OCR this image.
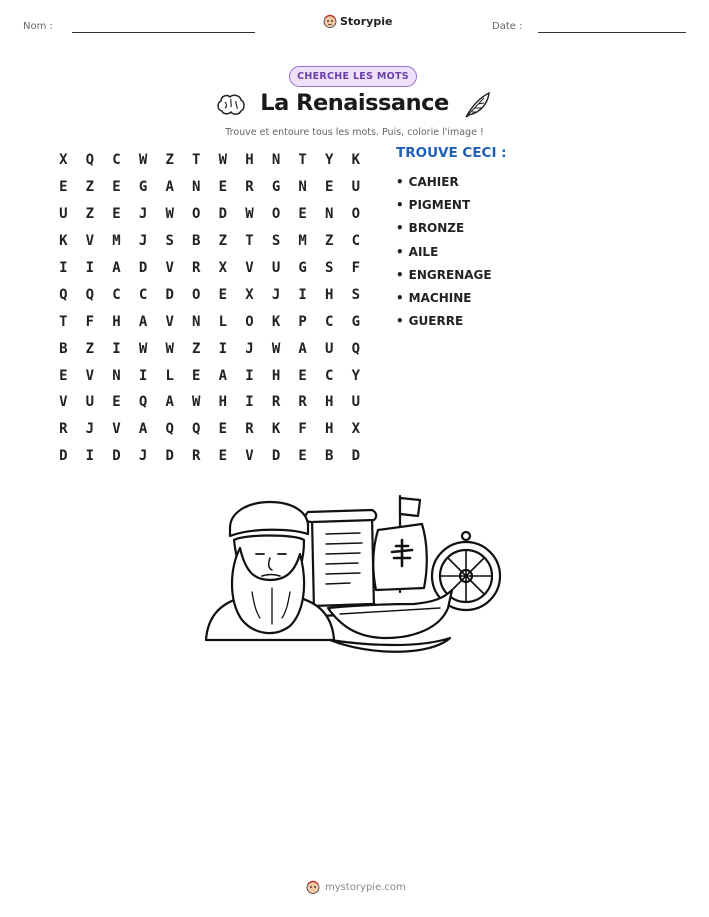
Nom :	Storypie	Date :
CHERCHE LES MOTS
La Renaissance
Trouve et entoure tous les mots. Puis, colorie l'image !
X	Q	C	W	Z	T	W	H	N	T	Y	K
E	Z	E	G	A	N	E	R	G	N	E	U
U	Z	E	J	W	O	D	W	O	E	N	O
K	V	M	J	S	B	Z	T	S	M	Z	C
I	I	A	D	V	R	X	V	U	G	S	F
Q	Q	C	C	D	O	E	X	J	I	H	S
T	F	H	A	V	N	L	O	K	P	C	G
B	Z	I	W	W	Z	I	J	W	A	U	Q
E	V	N	I	L	E	A	I	H	E	C	Y
V	U	E	Q	A	W	H	I	R	R	H	U
R	J	V	A	Q	Q	E	R	K	F	H	X
D	I	D	J	D	R	E	V	D	E	B	D
TROUVE CECI :
• CAHIER
• PIGMENT
• BRONZE
• AILE
• ENGRENAGE
• MACHINE
• GUERRE
mystorypie.com
